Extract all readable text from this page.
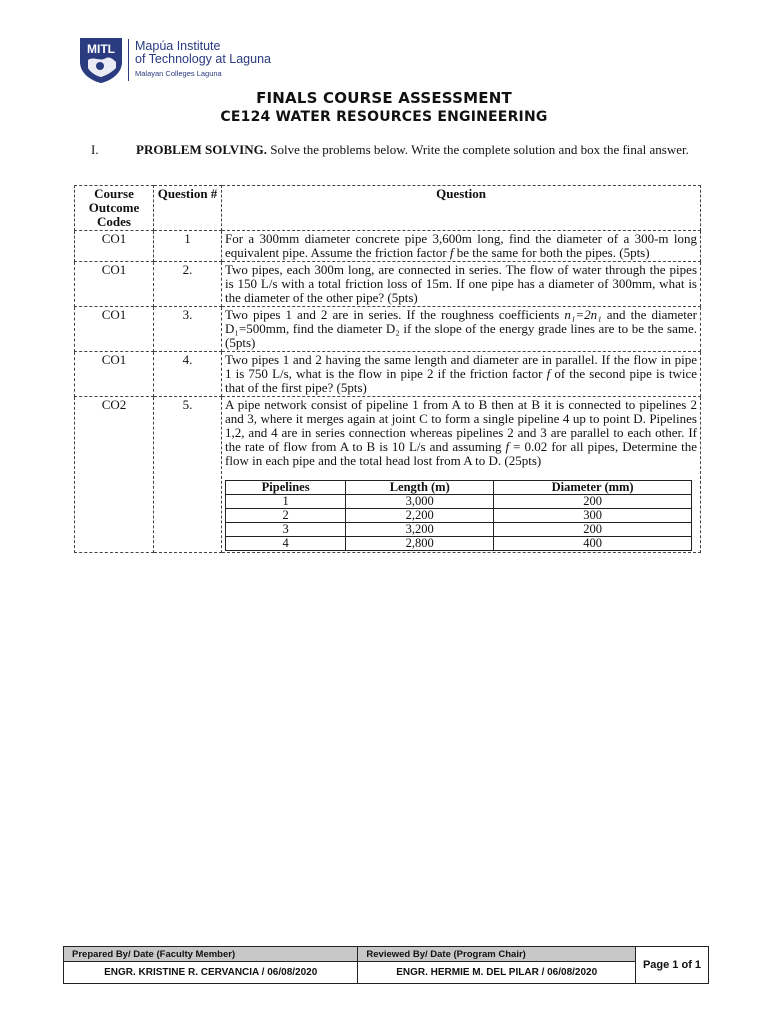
MITL Mapúa Institute
of Technology at Laguna
Malayan Colleges Laguna
FINALS COURSE ASSESSMENT
CE124 WATER RESOURCES ENGINEERING
I.	PROBLEM SOLVING. Solve the problems below. Write the complete solution and box the final answer.
Course Outcome Codes	Question #	Question
CO1	1	For a 300mm diameter concrete pipe 3,600m long, find the diameter of a 300-m long equivalent pipe. Assume the friction factor f be the same for both the pipes. (5pts)
CO1	2.	Two pipes, each 300m long, are connected in series. The flow of water through the pipes is 150 L/s with a total friction loss of 15m. If one pipe has a diameter of 300mm, what is the diameter of the other pipe? (5pts)
CO1	3.	Two pipes 1 and 2 are in series. If the roughness coefficients n₁=2n₁ and the diameter D₁=500mm, find the diameter D₂ if the slope of the energy grade lines are to be the same. (5pts)
CO1	4.	Two pipes 1 and 2 having the same length and diameter are in parallel. If the flow in pipe 1 is 750 L/s, what is the flow in pipe 2 if the friction factor f of the second pipe is twice that of the first pipe? (5pts)
CO2	5.	A pipe network consist of pipeline 1 from A to B then at B it is connected to pipelines 2 and 3, where it merges again at joint C to form a single pipeline 4 up to point D. Pipelines 1,2, and 4 are in series connection whereas pipelines 2 and 3 are parallel to each other. If the rate of flow from A to B is 10 L/s and assuming f = 0.02 for all pipes, Determine the flow in each pipe and the total head lost from A to D. (25pts)
Pipelines	Length (m)	Diameter (mm)
1	3,000	200
2	2,200	300
3	3,200	200
4	2,800	400
Prepared By/ Date (Faculty Member)	Reviewed By/ Date (Program Chair)	Page 1 of 1
ENGR. KRISTINE R. CERVANCIA / 06/08/2020	ENGR. HERMIE M. DEL PILAR / 06/08/2020	
